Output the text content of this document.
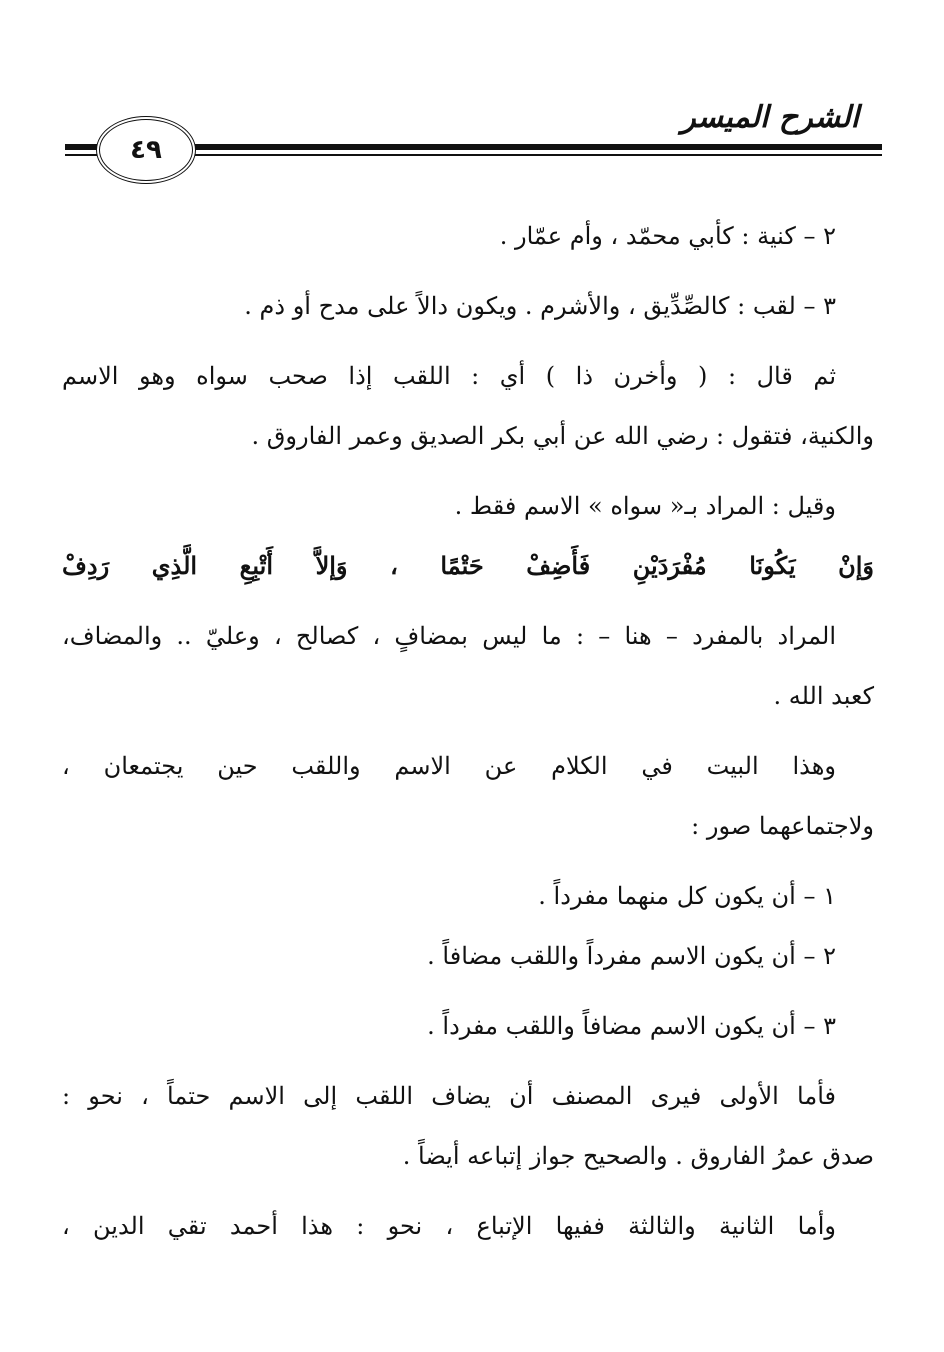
الشرح الميسر
٤٩
٢ – كنية : كأبي محمّد ، وأم عمّار .
٣ – لقب : كالصِّدِّيق ، والأشرم . ويكون دالاً على مدح أو ذم .
ثم قال : ( وأخرن ذا ) أي : اللقب إذا صحب سواه وهو الاسم
والكنية، فتقول : رضي الله عن أبي بكر الصديق وعمر الفاروق .
وقيل : المراد بـ« سواه » الاسم فقط .
وَإنْ يَكُونَا مُفْرَدَيْنِ فَأَضِفْ حَتْمًا ، وَإلاَّ أَتْبِعِ الَّذِي رَدِفْ
المراد بالمفرد – هنا – : ما ليس بمضافٍ ، كصالح ، وعليّ .. والمضاف،
كعبد الله .
وهذا البيت في الكلام عن الاسم واللقب حين يجتمعان ،
ولاجتماعهما صور :
١ – أن يكون كل منهما مفرداً .
٢ – أن يكون الاسم مفرداً واللقب مضافاً .
٣ – أن يكون الاسم مضافاً واللقب مفرداً .
فأما الأولى فيرى المصنف أن يضاف اللقب إلى الاسم حتماً ، نحو :
صدق عمرُ الفاروق . والصحيح جواز إتباعه أيضاً .
وأما الثانية والثالثة ففيها الإتباع ، نحو : هذا أحمد تقي الدين ،
